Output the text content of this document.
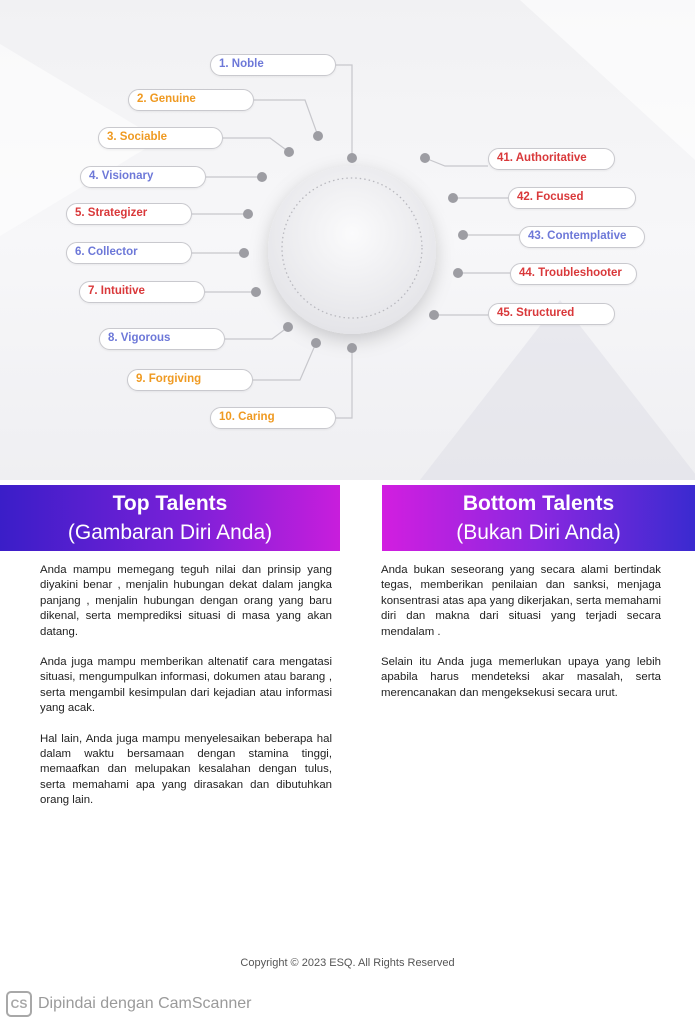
1. Noble
2. Genuine
3. Sociable
4. Visionary
5. Strategizer
6. Collector
7. Intuitive
8. Vigorous
9. Forgiving
10. Caring
41. Authoritative
42. Focused
43. Contemplative
44. Troubleshooter
45. Structured
Top Talents
(Gambaran Diri Anda)
Bottom Talents
(Bukan Diri Anda)

Anda mampu memegang teguh nilai dan prinsip yang diyakini benar , menjalin hubungan dekat dalam jangka panjang , menjalin hubungan dengan orang yang baru dikenal, serta memprediksi situasi di masa yang akan datang.

Anda juga mampu memberikan altenatif cara mengatasi situasi, mengumpulkan informasi, dokumen atau barang , serta mengambil kesimpulan dari kejadian atau informasi yang acak.

Hal lain, Anda juga mampu menyelesaikan beberapa hal dalam waktu bersamaan dengan stamina tinggi, memaafkan dan melupakan kesalahan dengan tulus, serta memahami apa yang dirasakan dan dibutuhkan orang lain.

Anda bukan seseorang yang secara alami bertindak tegas, memberikan penilaian dan sanksi, menjaga konsentrasi atas apa yang dikerjakan, serta memahami diri dan makna dari situasi yang terjadi secara mendalam .

Selain itu Anda juga memerlukan upaya yang lebih apabila harus mendeteksi akar masalah, serta merencanakan dan mengeksekusi secara urut.

Copyright © 2023 ESQ. All Rights Reserved
CS Dipindai dengan CamScanner
